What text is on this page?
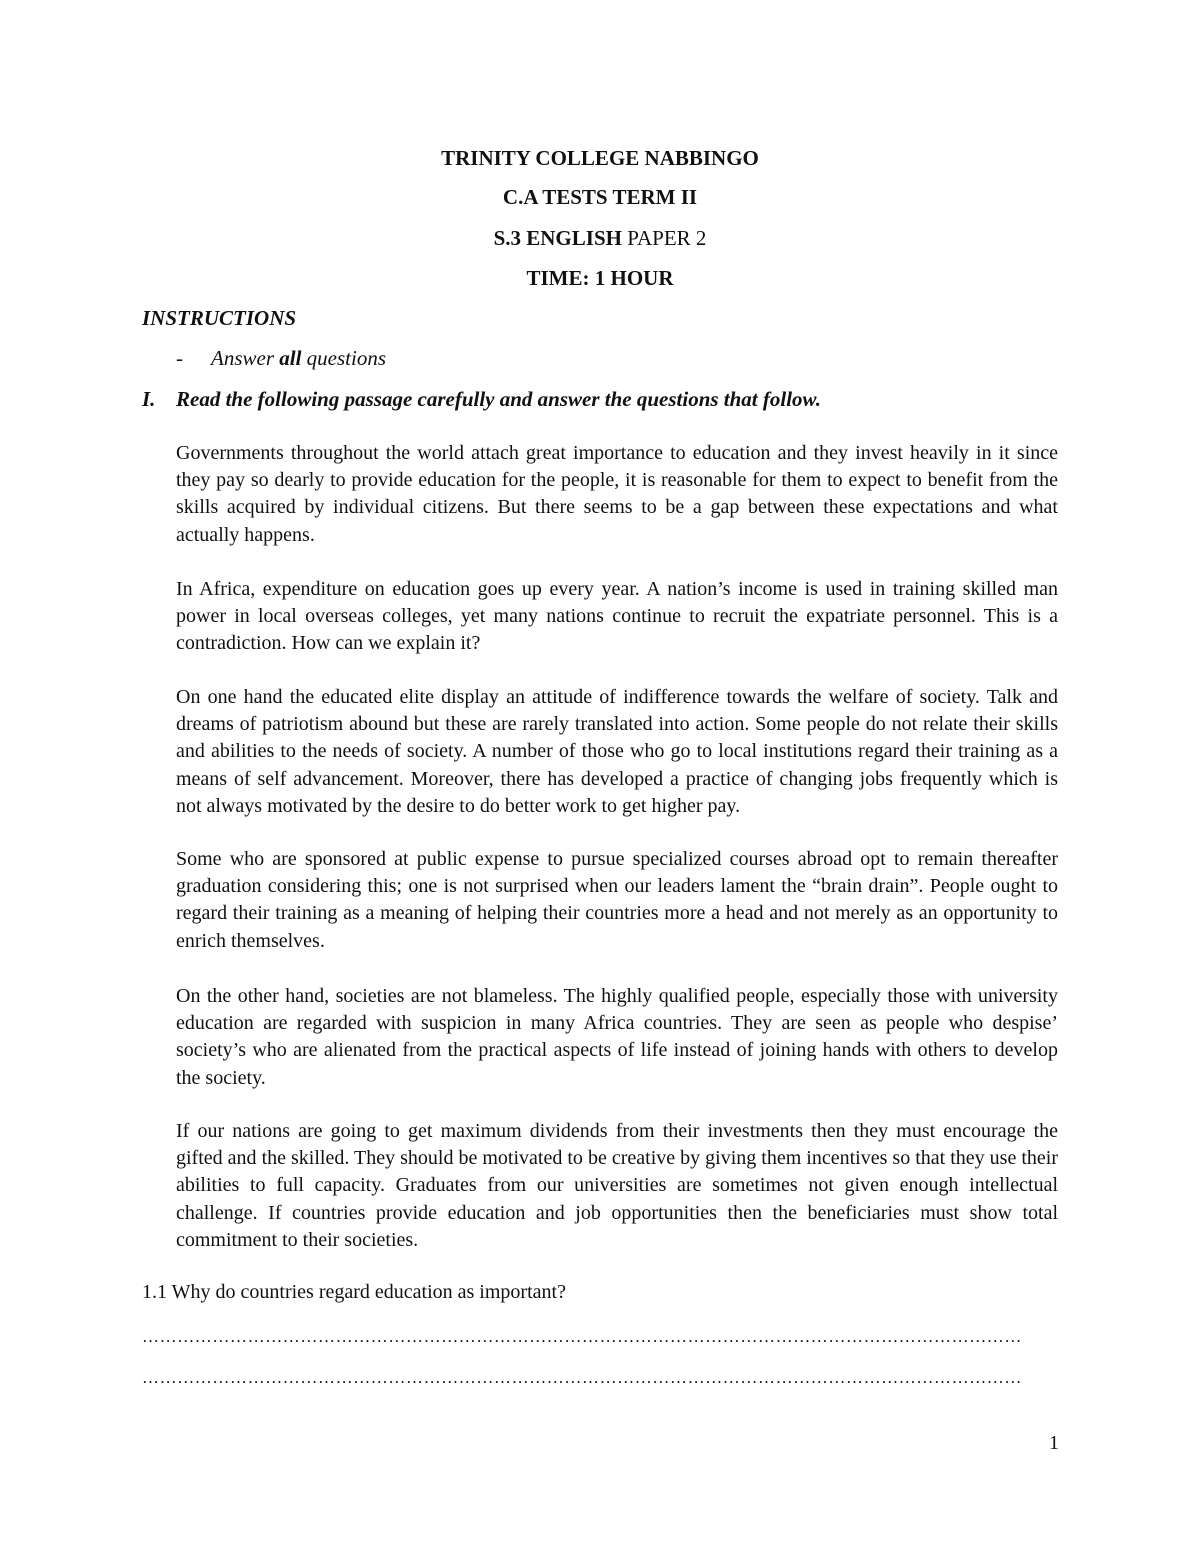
TRINITY COLLEGE NABBINGO
C.A TESTS TERM II
S.3 ENGLISH PAPER 2
TIME: 1 HOUR
INSTRUCTIONS
- Answer all questions
I. Read the following passage carefully and answer the questions that follow.

Governments throughout the world attach great importance to education and they invest heavily in it since they pay so dearly to provide education for the people, it is reasonable for them to expect to benefit from the skills acquired by individual citizens. But there seems to be a gap between these expectations and what actually happens.

In Africa, expenditure on education goes up every year. A nation’s income is used in training skilled man power in local overseas colleges, yet many nations continue to recruit the expatriate personnel. This is a contradiction. How can we explain it?

On one hand the educated elite display an attitude of indifference towards the welfare of society. Talk and dreams of patriotism abound but these are rarely translated into action. Some people do not relate their skills and abilities to the needs of society. A number of those who go to local institutions regard their training as a means of self advancement. Moreover, there has developed a practice of changing jobs frequently which is not always motivated by the desire to do better work to get higher pay.

Some who are sponsored at public expense to pursue specialized courses abroad opt to remain thereafter graduation considering this; one is not surprised when our leaders lament the “brain drain”. People ought to regard their training as a meaning of helping their countries more a head and not merely as an opportunity to enrich themselves.

On the other hand, societies are not blameless. The highly qualified people, especially those with university education are regarded with suspicion in many Africa countries. They are seen as people who despise’ society’s who are alienated from the practical aspects of life instead of joining hands with others to develop the society.

If our nations are going to get maximum dividends from their investments then they must encourage the gifted and the skilled. They should be motivated to be creative by giving them incentives so that they use their abilities to full capacity. Graduates from our universities are sometimes not given enough intellectual challenge. If countries provide education and job opportunities then the beneficiaries must show total commitment to their societies.

1.1 Why do countries regard education as important?

……………………………………………………………………………………………………………………………………
……………………………………………………………………………………………………………………………………
1
